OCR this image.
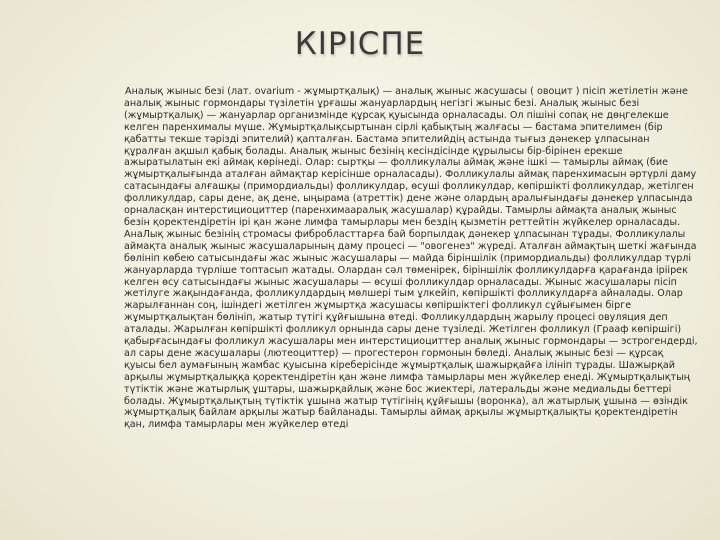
КІРІСПЕ

Аналық жыныс безі (лат. ovarium - жұмыртқалық) — аналық жыныс жасушасы ( овоцит ) пісіп жетілетін және аналық жыныс гормондары түзілетін ұрғашы жануарлардың негізгі жыныс безі. Аналық жыныс безі (жұмыртқалық) — жануарлар организмінде құрсақ қуысында орналасады. Ол пішіні сопақ не дөңгелекше келген паренхималы мүше. Жұмыртқалықсыртынан сірлі қабықтың жалғасы — бастама эпителимен (бір қабатты текше тәрізді эпителий) қапталған. Бастама эпителийдің астында тығыз дәнекер ұлпасынан құралған ақшыл қабық болады. Аналық жыныс безінің кесіндісінде құрылысы бір-бірінен ерекше ажыратылатын екі аймақ көрінеді. Олар: сыртқы — фолликулалы аймақ және ішкі — тамырлы аймақ (бие жұмыртқалығында аталған аймақтар керісінше орналасады). Фолликулалы аймақ паренхимасын әртүрлі даму сатасындағы алғашқы (примордиальды) фолликулдар, өсуші фолликулдар, көпіршікті фолликулдар, жетілген фолликулдар, сары дене, ақ дене, ыңырама (атреттік) дене және олардың аралығындағы дәнекер ұлпасында орналасқан интерстициоциттер (паренхимааралық жасушалар) құрайды. Тамырлы аймақта аналық жыныс безін қоректендіретін ірі қан және лимфа тамырлары мен бездің қызметін реттейтін жүйкелер орналасады. АнаЛық жыныс безінің стромасы фибробласттарға бай борпылдақ дәнекер ұлпасынан тұрады. Фолликулалы аймақта аналық жыныс жасушаларының даму процесі — "овогенез" жүреді. Аталған аймақтың шеткі жағында бөлініп көбею сатысындағы жас жыныс жасушалары — майда біріншілік (примордиальды) фолликулдар түрлі жануарларда түрліше топтасып жатады. Олардан сәл төменірек, біріншілік фолликулдарға қарағанда іріірек келген өсу сатысындағы жыныс жасушалары — өсуші фолликулдар орналасады. Жыныс жасушалары пісіп жетілуге жақындағанда, фолликулдардың мөлшері тым ұлкейіп, көпіршікті фолликулдарға айналады. Олар жарылғаннан соң, ішіндегі жетілген жұмыртқа жасушасы көпіршіктегі фолликул сұйығымен бірге жұмыртқалықтан бөлініп, жатыр түтігі құйғышына өтеді. Фолликулдардың жарылу процесі овуляция деп аталады. Жарылған көпіршікті фолликул орнында сары дене түзіледі. Жетілген фолликул (Грааф көпіршігі) қабырғасындағы фолликул жасушалары мен интерстициоциттер аналық жыныс гормондары — эстрогендерді, ал сары дене жасушалары (лютеоциттер) — прогестерон гормонын бөледі. Аналық жыныс безі — құрсақ қуысы бел аумағының жамбас қуысына кіреберісінде жұмыртқалық шажырқайға ілініп тұрады. Шажырқай арқылы жұмыртқалыққа қоректендіретін қан және лимфа тамырлары мен жүйкелер енеді. Жұмыртқалықтың түтіктік және жатырлық ұштары, шажырқайлық және бос жиектері, латеральды және медиальды беттері болады. Жұмыртқалықтың түтіктік ұшына жатыр түтігінің құйғышы (воронка), ал жатырлық ұшына — өзіндік жұмыртқалық байлам арқылы жатыр байланады. Тамырлы аймақ арқылы жұмыртқалықты қоректендіретін қан, лимфа тамырлары мен жүйкелер өтеді
